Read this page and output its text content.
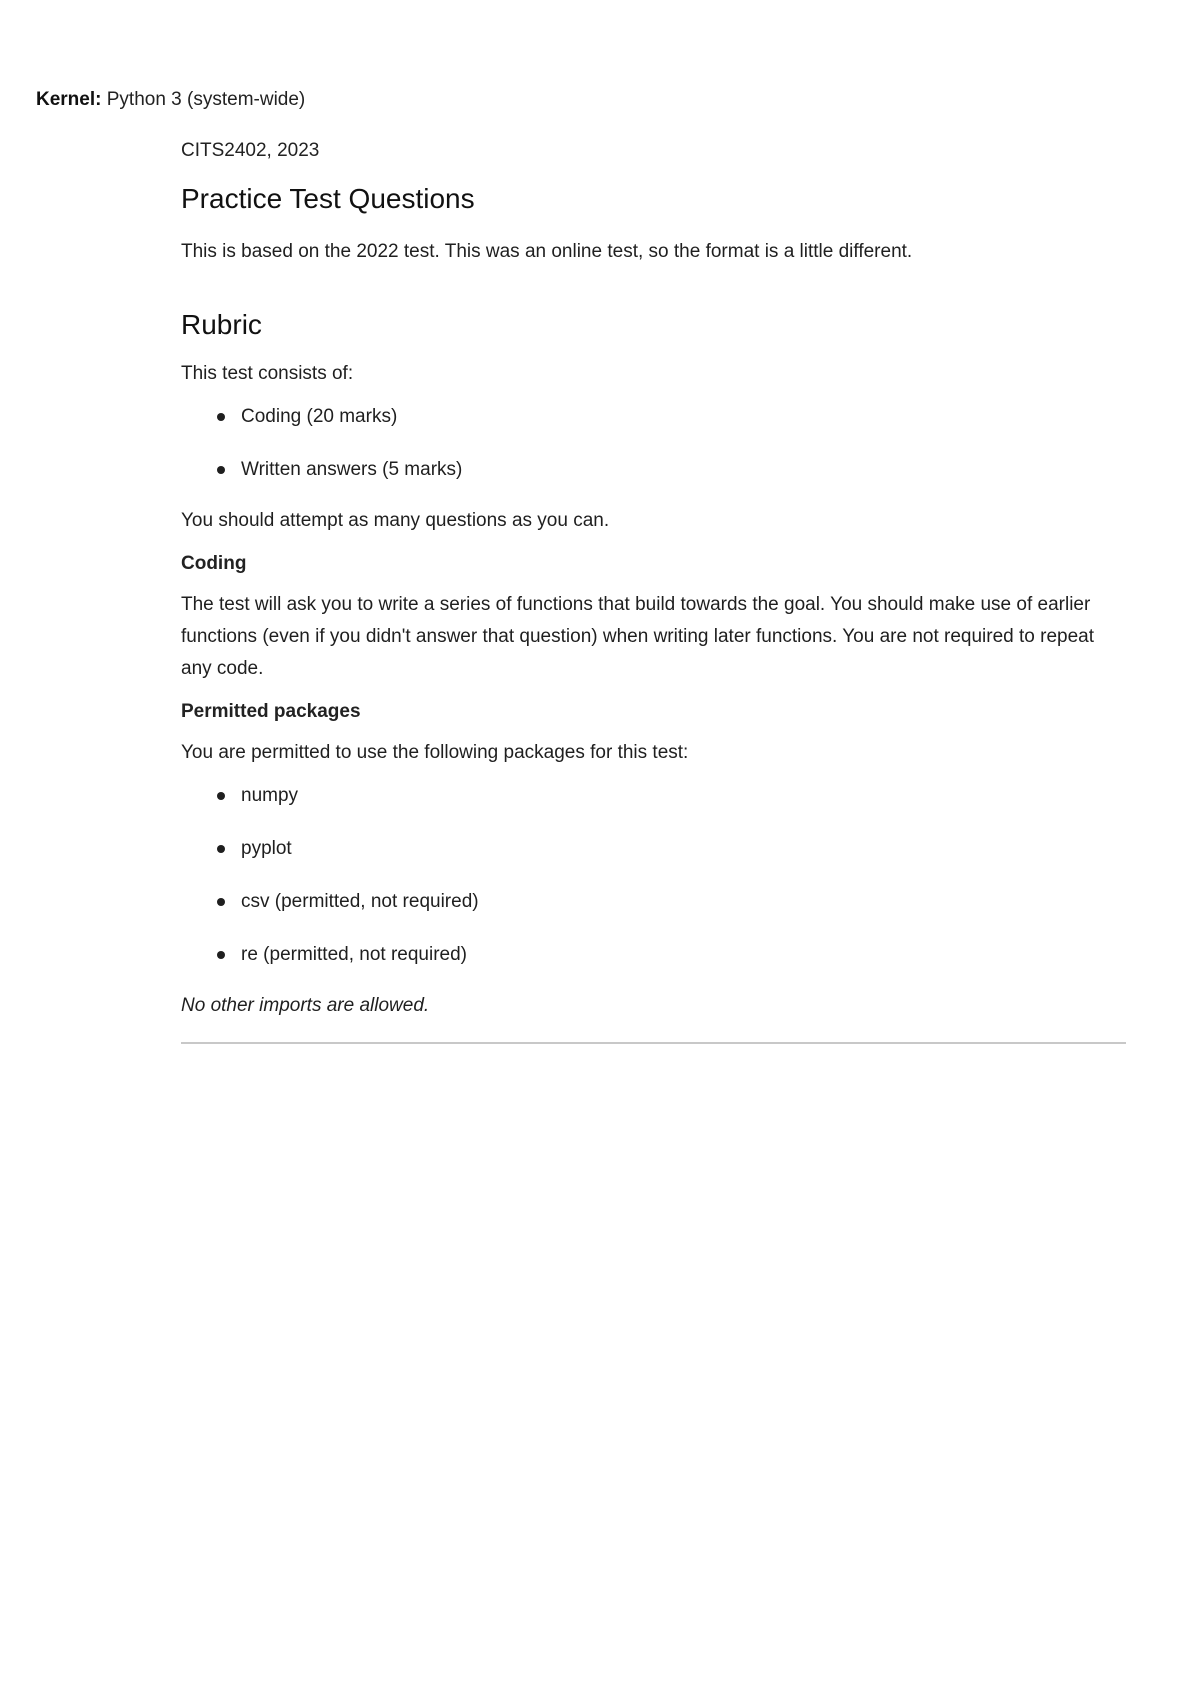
Kernel: Python 3 (system-wide)
CITS2402, 2023
Practice Test Questions

This is based on the 2022 test. This was an online test, so the format is a little different.

Rubric

This test consists of:

Coding (20 marks)
Written answers (5 marks)

You should attempt as many questions as you can.

Coding

The test will ask you to write a series of functions that build towards the goal. You should make use of earlier functions (even if you didn't answer that question) when writing later functions. You are not required to repeat any code.

Permitted packages

You are permitted to use the following packages for this test:

numpy
pyplot
csv (permitted, not required)
re (permitted, not required)

No other imports are allowed.
